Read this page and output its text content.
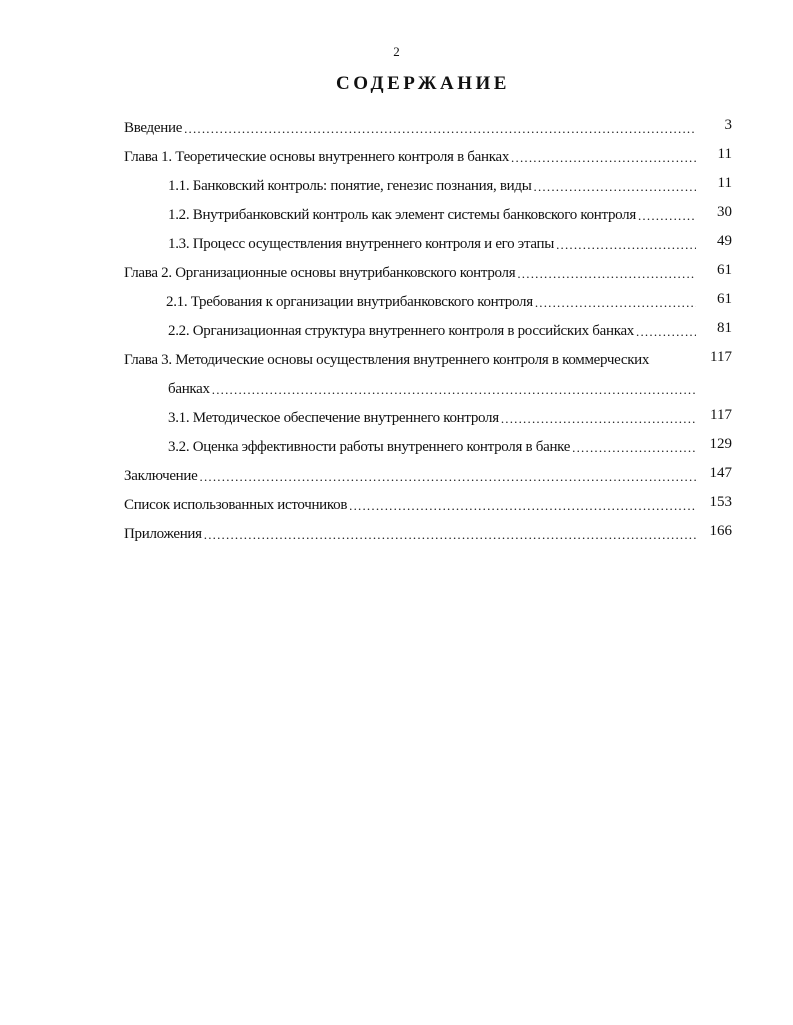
2
СОДЕРЖАНИЕ
Введение .....	3
Глава 1. Теоретические основы внутреннего контроля в банках .....	11
1.1. Банковский контроль: понятие, генезис познания, виды .....	11
1.2. Внутрибанковский контроль как элемент системы банковского контроля .....	30
1.3. Процесс осуществления внутреннего контроля и его этапы .....	49
Глава 2. Организационные основы внутрибанковского контроля .....	61
2.1. Требования к организации внутрибанковского контроля .....	61
2.2. Организационная структура внутреннего контроля в российских банках .....	81
Глава 3. Методические основы осуществления внутреннего контроля в коммерческих	117
банках
.....
3.1. Методическое обеспечение внутреннего контроля .....	117
3.2. Оценка эффективности работы внутреннего контроля в банке .....	129
Заключение .....	147
Список использованных источников .....	153
Приложения .....	166
